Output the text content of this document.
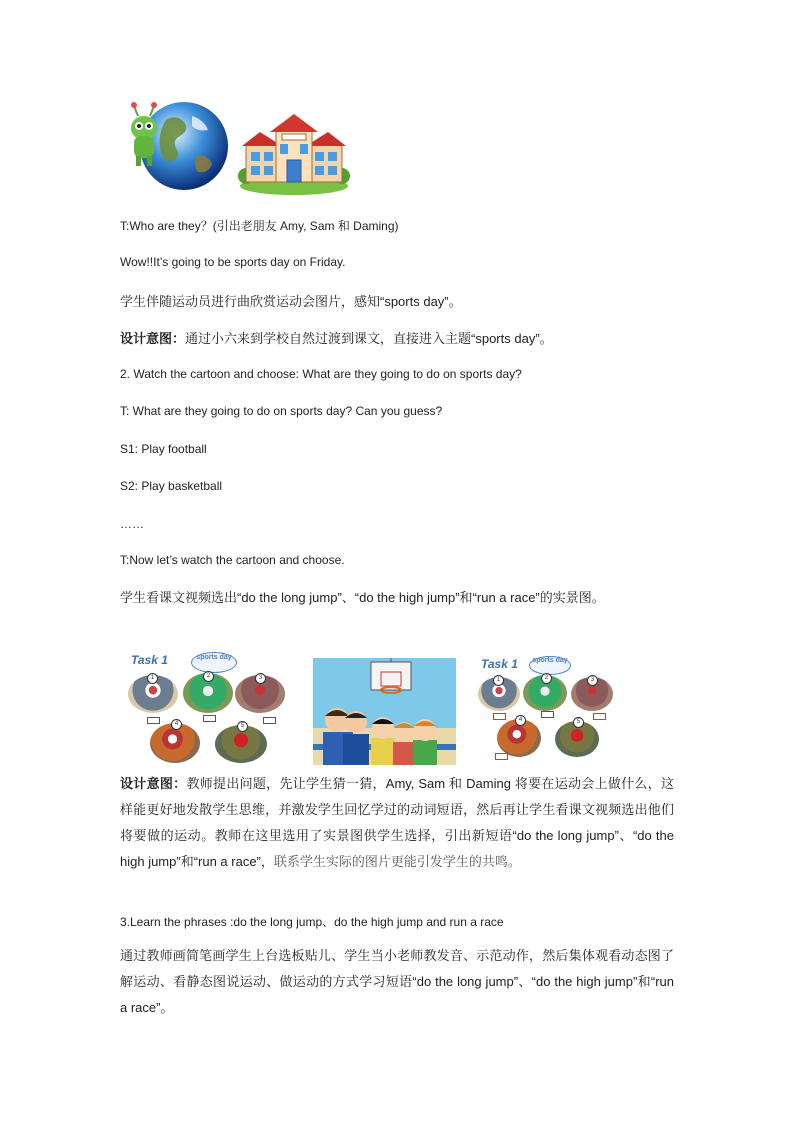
T:Who are they？(引出老朋友 Amy, Sam 和 Daming)
Wow!!It’s going to be sports day on Friday.
学生伴随运动员进行曲欣赏运动会图片，感知“sports day”。
设计意图：通过小六来到学校自然过渡到课文，直接进入主题“sports day”。
2. Watch the cartoon and choose: What are they going to do on sports day?
T: What are they going to do on sports day? Can you guess?
S1: Play football
S2: Play basketball
……
T:Now let’s watch the cartoon and choose.
学生看课文视频选出“do the long jump”、“do the high jump”和“run a race”的实景图。
Task 1	sports day
1	2	3
4	5
Task 1	sports day
1	2	3
4	5
设计意图：教师提出问题，先让学生猜一猜，Amy, Sam 和 Daming 将要在运动会上做什么，这样能更好地发散学生思维，并激发学生回忆学过的动词短语，然后再让学生看课文视频选出他们将要做的运动。教师在这里选用了实景图供学生选择，引出新短语“do the long jump”、“do the high jump”和“run a race”，联系学生实际的图片更能引发学生的共鸣。
3.Learn the phrases :do the long jump、do the high jump and run a race
通过教师画简笔画学生上台选板贴儿、学生当小老师教发音、示范动作，然后集体观看动态图了解运动、看静态图说运动、做运动的方式学习短语“do the long jump”、“do the high jump”和“run a race”。
